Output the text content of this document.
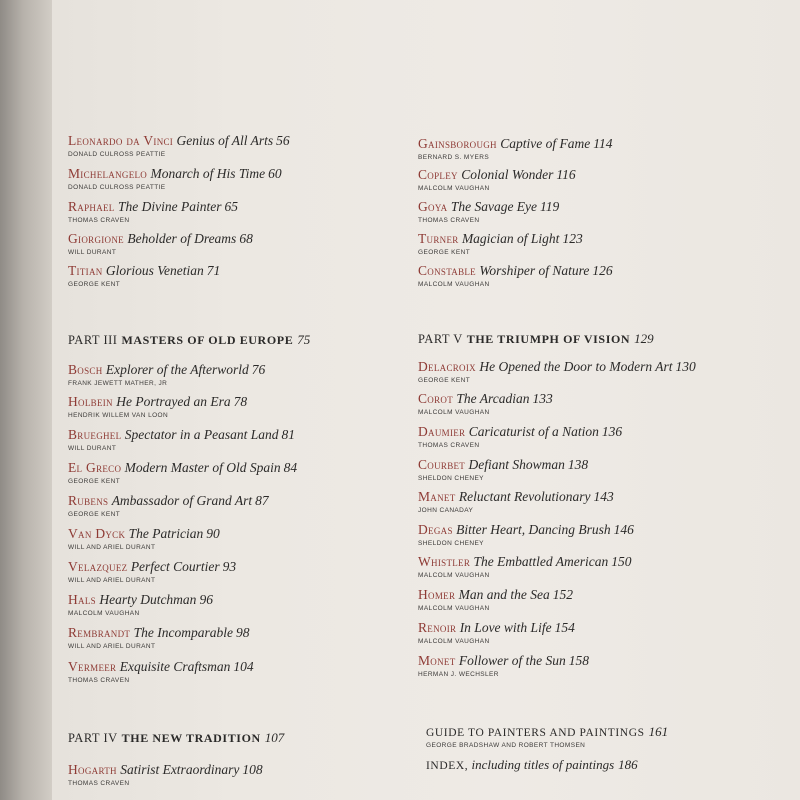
Leonardo da Vinci Genius of All Arts 56
DONALD CULROSS PEATTIE
Michelangelo Monarch of His Time 60
DONALD CULROSS PEATTIE
Raphael The Divine Painter 65
THOMAS CRAVEN
Giorgione Beholder of Dreams 68
WILL DURANT
Titian Glorious Venetian 71
GEORGE KENT
PART III MASTERS OF OLD EUROPE 75
Bosch Explorer of the Afterworld 76
FRANK JEWETT MATHER, JR
Holbein He Portrayed an Era 78
HENDRIK WILLEM VAN LOON
Brueghel Spectator in a Peasant Land 81
WILL DURANT
El Greco Modern Master of Old Spain 84
GEORGE KENT
Rubens Ambassador of Grand Art 87
GEORGE KENT
Van Dyck The Patrician 90
WILL AND ARIEL DURANT
Velazquez Perfect Courtier 93
WILL AND ARIEL DURANT
Hals Hearty Dutchman 96
MALCOLM VAUGHAN
Rembrandt The Incomparable 98
WILL AND ARIEL DURANT
Vermeer Exquisite Craftsman 104
THOMAS CRAVEN
PART IV THE NEW TRADITION 107
Hogarth Satirist Extraordinary 108
THOMAS CRAVEN
Gainsborough Captive of Fame 114
BERNARD S. MYERS
Copley Colonial Wonder 116
MALCOLM VAUGHAN
Goya The Savage Eye 119
THOMAS CRAVEN
Turner Magician of Light 123
GEORGE KENT
Constable Worshiper of Nature 126
MALCOLM VAUGHAN
PART V THE TRIUMPH OF VISION 129
Delacroix He Opened the Door to Modern Art 130
GEORGE KENT
Corot The Arcadian 133
MALCOLM VAUGHAN
Daumier Caricaturist of a Nation 136
THOMAS CRAVEN
Courbet Defiant Showman 138
SHELDON CHENEY
Manet Reluctant Revolutionary 143
JOHN CANADAY
Degas Bitter Heart, Dancing Brush 146
SHELDON CHENEY
Whistler The Embattled American 150
MALCOLM VAUGHAN
Homer Man and the Sea 152
MALCOLM VAUGHAN
Renoir In Love with Life 154
MALCOLM VAUGHAN
Monet Follower of the Sun 158
HERMAN J. WECHSLER
GUIDE TO PAINTERS AND PAINTINGS 161
GEORGE BRADSHAW AND ROBERT THOMSEN
INDEX, including titles of paintings 186
